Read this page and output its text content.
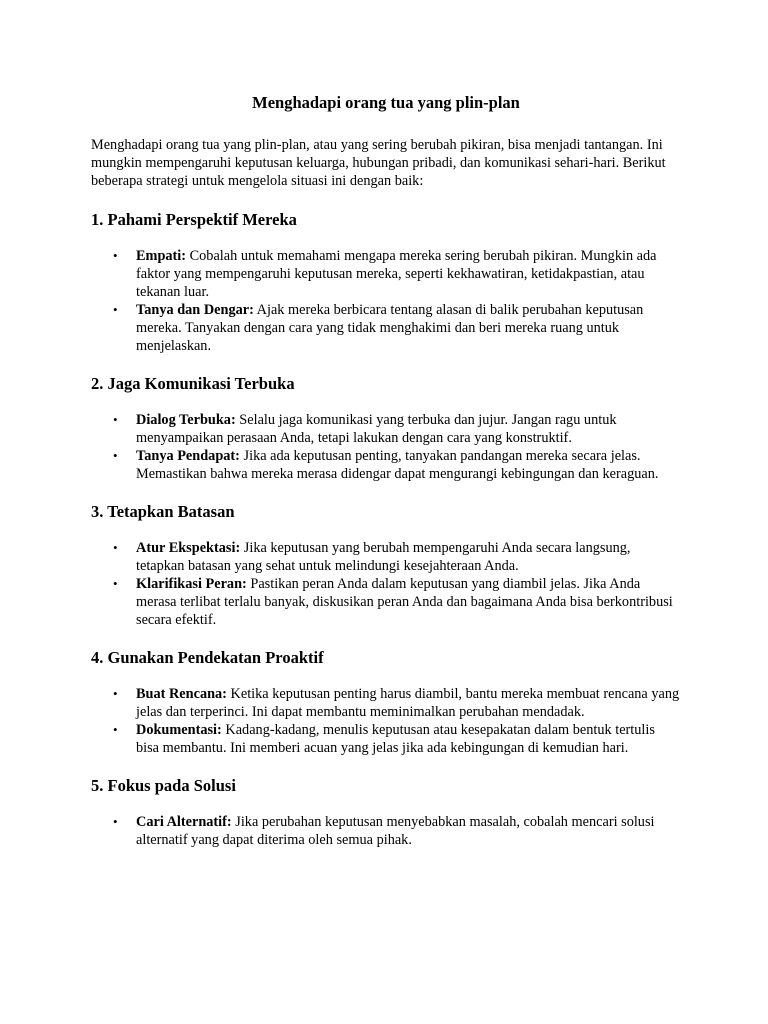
Menghadapi orang tua yang plin-plan

Menghadapi orang tua yang plin-plan, atau yang sering berubah pikiran, bisa menjadi tantangan. Ini mungkin mempengaruhi keputusan keluarga, hubungan pribadi, dan komunikasi sehari-hari. Berikut beberapa strategi untuk mengelola situasi ini dengan baik:

1. Pahami Perspektif Mereka
• Empati: Cobalah untuk memahami mengapa mereka sering berubah pikiran. Mungkin ada faktor yang mempengaruhi keputusan mereka, seperti kekhawatiran, ketidakpastian, atau tekanan luar.
• Tanya dan Dengar: Ajak mereka berbicara tentang alasan di balik perubahan keputusan mereka. Tanyakan dengan cara yang tidak menghakimi dan beri mereka ruang untuk menjelaskan.
2. Jaga Komunikasi Terbuka
• Dialog Terbuka: Selalu jaga komunikasi yang terbuka dan jujur. Jangan ragu untuk menyampaikan perasaan Anda, tetapi lakukan dengan cara yang konstruktif.
• Tanya Pendapat: Jika ada keputusan penting, tanyakan pandangan mereka secara jelas. Memastikan bahwa mereka merasa didengar dapat mengurangi kebingungan dan keraguan.
3. Tetapkan Batasan
• Atur Ekspektasi: Jika keputusan yang berubah mempengaruhi Anda secara langsung, tetapkan batasan yang sehat untuk melindungi kesejahteraan Anda.
• Klarifikasi Peran: Pastikan peran Anda dalam keputusan yang diambil jelas. Jika Anda merasa terlibat terlalu banyak, diskusikan peran Anda dan bagaimana Anda bisa berkontribusi secara efektif.
4. Gunakan Pendekatan Proaktif
• Buat Rencana: Ketika keputusan penting harus diambil, bantu mereka membuat rencana yang jelas dan terperinci. Ini dapat membantu meminimalkan perubahan mendadak.
• Dokumentasi: Kadang-kadang, menulis keputusan atau kesepakatan dalam bentuk tertulis bisa membantu. Ini memberi acuan yang jelas jika ada kebingungan di kemudian hari.
5. Fokus pada Solusi
• Cari Alternatif: Jika perubahan keputusan menyebabkan masalah, cobalah mencari solusi alternatif yang dapat diterima oleh semua pihak.
